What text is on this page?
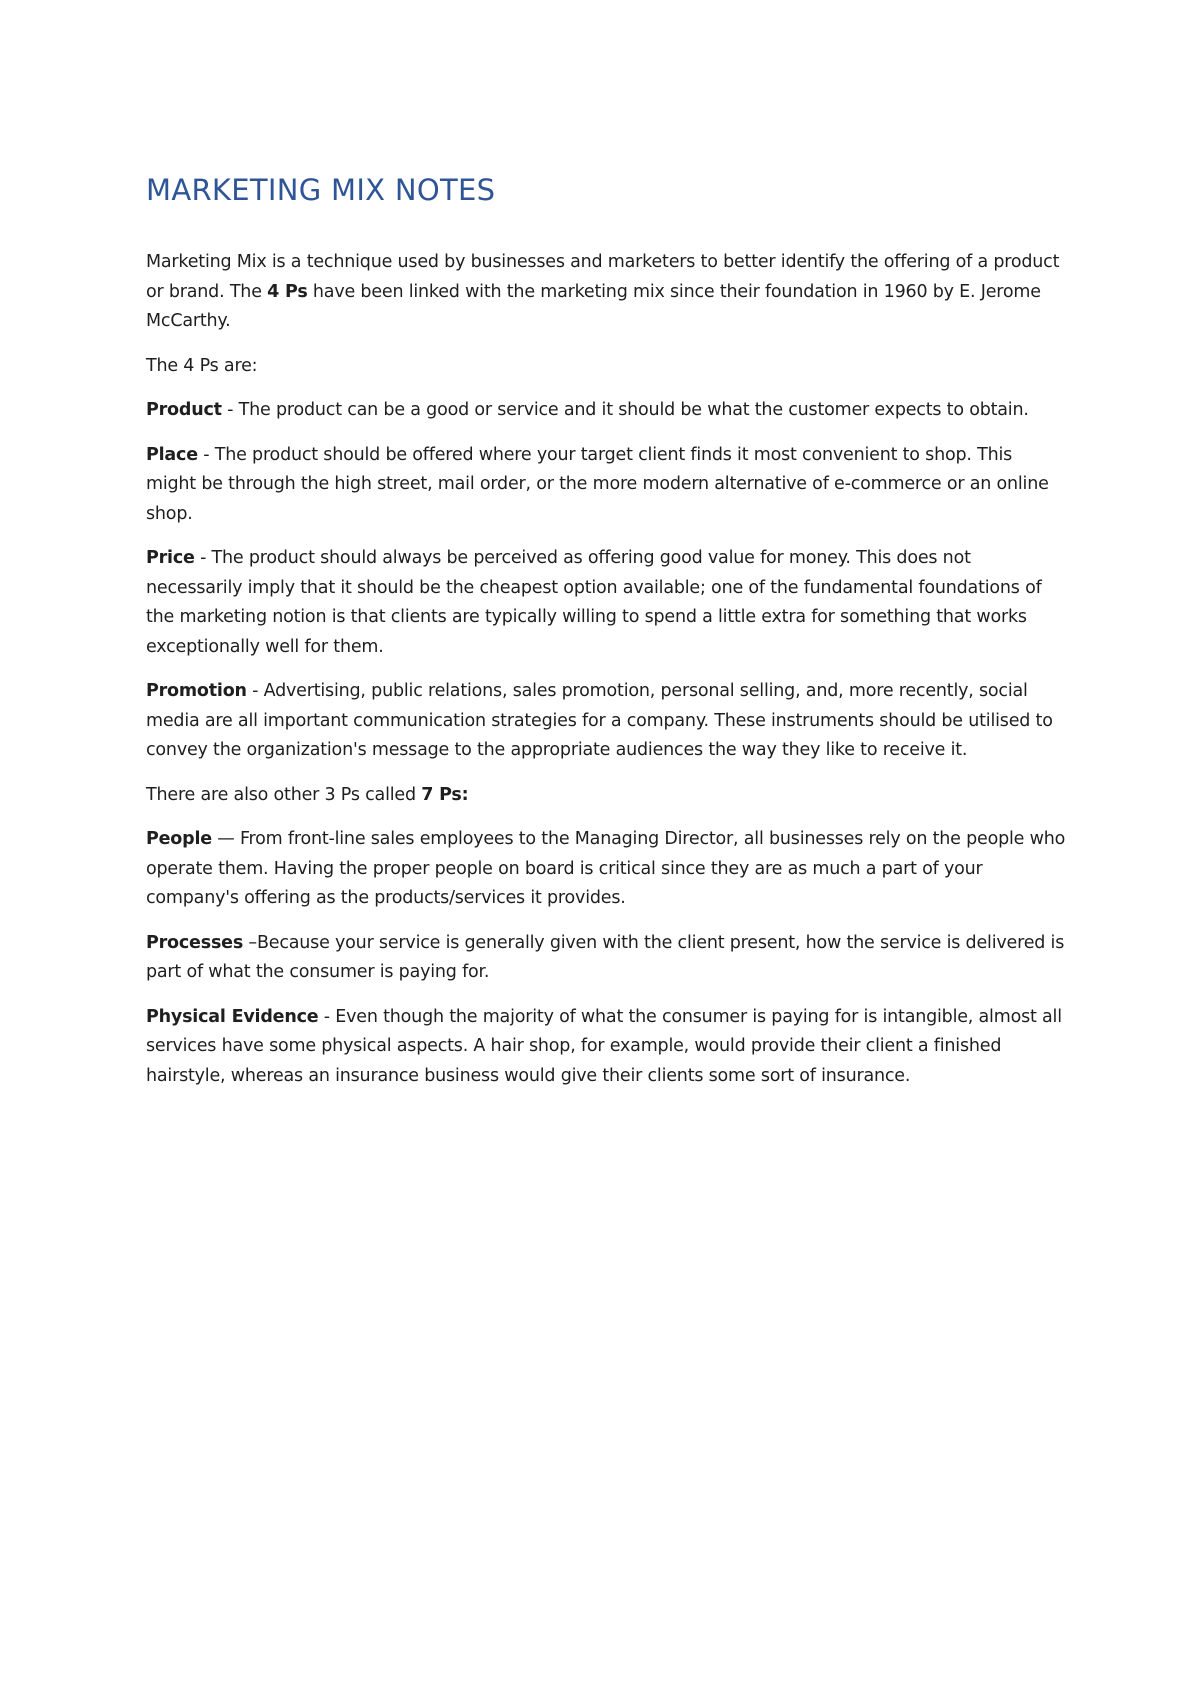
MARKETING MIX NOTES

Marketing Mix is a technique used by businesses and marketers to better identify the offering of a product or brand. The 4 Ps have been linked with the marketing mix since their foundation in 1960 by E. Jerome McCarthy.

The 4 Ps are:

Product - The product can be a good or service and it should be what the customer expects to obtain.

Place - The product should be offered where your target client finds it most convenient to shop. This might be through the high street, mail order, or the more modern alternative of e-commerce or an online shop.

Price - The product should always be perceived as offering good value for money. This does not necessarily imply that it should be the cheapest option available; one of the fundamental foundations of the marketing notion is that clients are typically willing to spend a little extra for something that works exceptionally well for them.

Promotion - Advertising, public relations, sales promotion, personal selling, and, more recently, social media are all important communication strategies for a company. These instruments should be utilised to convey the organization's message to the appropriate audiences the way they like to receive it.

There are also other 3 Ps called 7 Ps:

People — From front-line sales employees to the Managing Director, all businesses rely on the people who operate them. Having the proper people on board is critical since they are as much a part of your company's offering as the products/services it provides.

Processes –Because your service is generally given with the client present, how the service is delivered is part of what the consumer is paying for.

Physical Evidence - Even though the majority of what the consumer is paying for is intangible, almost all services have some physical aspects. A hair shop, for example, would provide their client a finished hairstyle, whereas an insurance business would give their clients some sort of insurance.
